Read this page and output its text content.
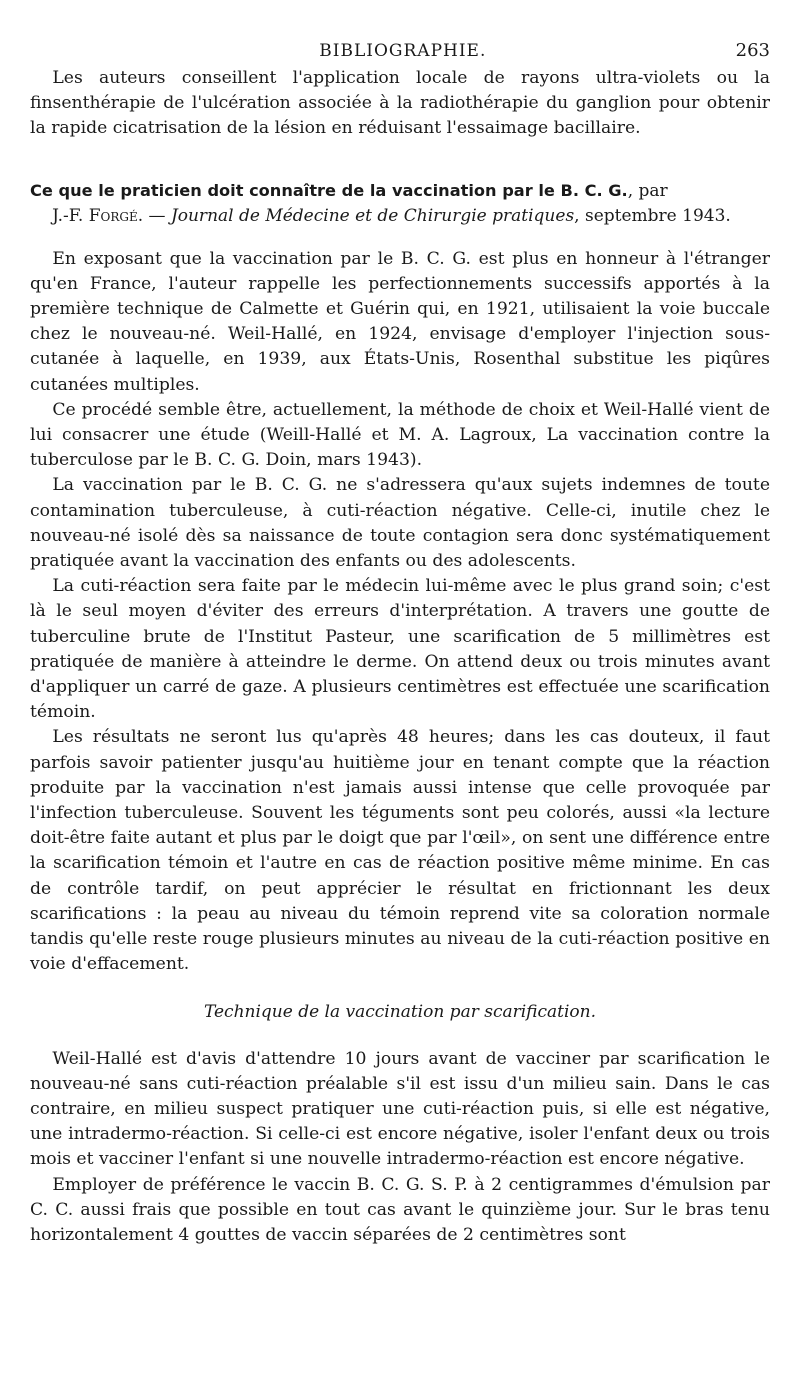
BIBLIOGRAPHIE.	263

Les auteurs conseillent l'application locale de rayons ultra-violets ou la finsenthérapie de l'ulcération associée à la radiothérapie du ganglion pour obtenir la rapide cicatrisation de la lésion en réduisant l'essaimage bacillaire.

Ce que le praticien doit connaître de la vaccination par le B. C. G., par

J.-F. Forgé. — Journal de Médecine et de Chirurgie pratiques, septembre 1943.

En exposant que la vaccination par le B. C. G. est plus en honneur à l'étranger qu'en France, l'auteur rappelle les perfectionnements successifs apportés à la première technique de Calmette et Guérin qui, en 1921, utilisaient la voie buccale chez le nouveau-né. Weil-Hallé, en 1924, envisage d'employer l'injection sous-cutanée à laquelle, en 1939, aux États-Unis, Rosenthal substitue les piqûres cutanées multiples.

Ce procédé semble être, actuellement, la méthode de choix et Weil-Hallé vient de lui consacrer une étude (Weill-Hallé et M. A. Lagroux, La vaccination contre la tuberculose par le B. C. G. Doin, mars 1943).

La vaccination par le B. C. G. ne s'adressera qu'aux sujets indemnes de toute contamination tuberculeuse, à cuti-réaction négative. Celle-ci, inutile chez le nouveau-né isolé dès sa naissance de toute contagion sera donc systématiquement pratiquée avant la vaccination des enfants ou des adolescents.

La cuti-réaction sera faite par le médecin lui-même avec le plus grand soin; c'est là le seul moyen d'éviter des erreurs d'interprétation. A travers une goutte de tuberculine brute de l'Institut Pasteur, une scarification de 5 millimètres est pratiquée de manière à atteindre le derme. On attend deux ou trois minutes avant d'appliquer un carré de gaze. A plusieurs centimètres est effectuée une scarification témoin.

Les résultats ne seront lus qu'après 48 heures; dans les cas douteux, il faut parfois savoir patienter jusqu'au huitième jour en tenant compte que la réaction produite par la vaccination n'est jamais aussi intense que celle provoquée par l'infection tuberculeuse. Souvent les téguments sont peu colorés, aussi «la lecture doit-être faite autant et plus par le doigt que par l'œil», on sent une différence entre la scarification témoin et l'autre en cas de réaction positive même minime. En cas de contrôle tardif, on peut apprécier le résultat en frictionnant les deux scarifications : la peau au niveau du témoin reprend vite sa coloration normale tandis qu'elle reste rouge plusieurs minutes au niveau de la cuti-réaction positive en voie d'effacement.

Technique de la vaccination par scarification.

Weil-Hallé est d'avis d'attendre 10 jours avant de vacciner par scarification le nouveau-né sans cuti-réaction préalable s'il est issu d'un milieu sain. Dans le cas contraire, en milieu suspect pratiquer une cuti-réaction puis, si elle est négative, une intradermo-réaction. Si celle-ci est encore négative, isoler l'enfant deux ou trois mois et vacciner l'enfant si une nouvelle intradermo-réaction est encore négative.

Employer de préférence le vaccin B. C. G. S. P. à 2 centigrammes d'émulsion par C. C. aussi frais que possible en tout cas avant le quinzième jour. Sur le bras tenu horizontalement 4 gouttes de vaccin séparées de 2 centimètres sont
